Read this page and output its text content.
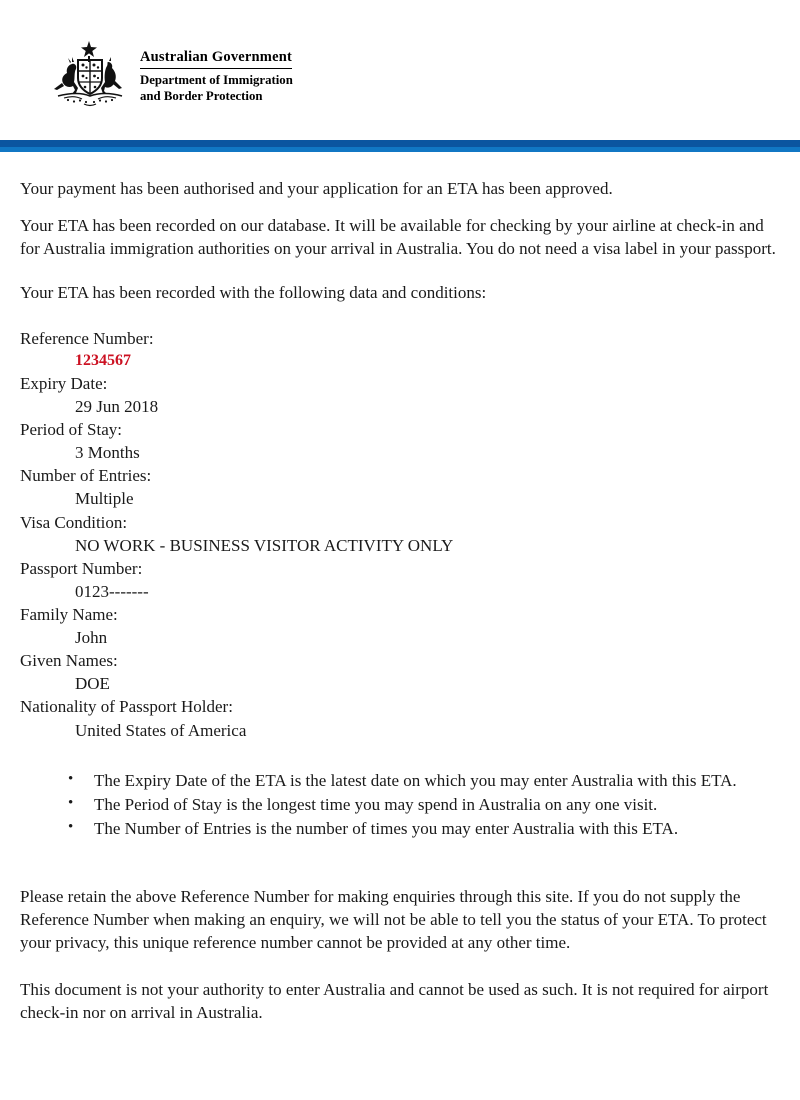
Australian Government
Department of Immigration
and Border Protection

Your payment has been authorised and your application for an ETA has been approved.

Your ETA has been recorded on our database. It will be available for checking by your airline at check-in and for Australia immigration authorities on your arrival in Australia. You do not need a visa label in your passport.

Your ETA has been recorded with the following data and conditions:

Reference Number:
1234567
Expiry Date:
29 Jun 2018
Period of Stay:
3 Months
Number of Entries:
Multiple
Visa Condition:
NO WORK - BUSINESS VISITOR ACTIVITY ONLY
Passport Number:
0123-------
Family Name:
John
Given Names:
DOE
Nationality of Passport Holder:
United States of America
• The Expiry Date of the ETA is the latest date on which you may enter Australia with this ETA.
• The Period of Stay is the longest time you may spend in Australia on any one visit.
• The Number of Entries is the number of times you may enter Australia with this ETA.

Please retain the above Reference Number for making enquiries through this site. If you do not supply the Reference Number when making an enquiry, we will not be able to tell you the status of your ETA. To protect your privacy, this unique reference number cannot be provided at any other time.

This document is not your authority to enter Australia and cannot be used as such. It is not required for airport check-in nor on arrival in Australia.
